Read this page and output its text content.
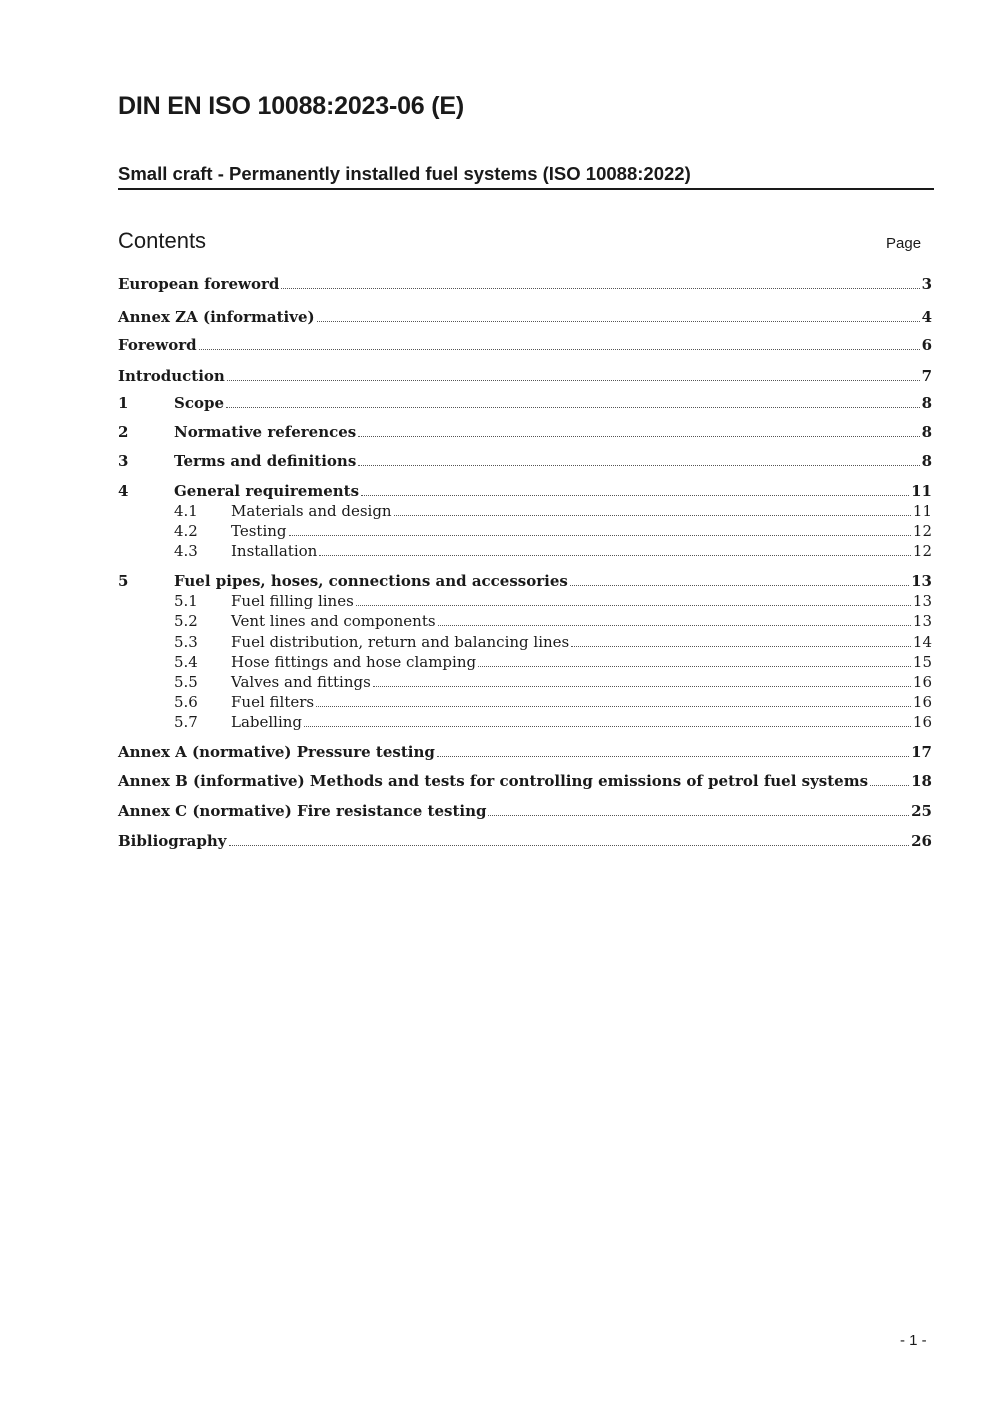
DIN EN ISO 10088:2023-06 (E)
Small craft - Permanently installed fuel systems (ISO 10088:2022)
Contents	Page
European foreword	3
Annex ZA (informative)	4
Foreword	6
Introduction	7
1	Scope	8
2	Normative references	8
3	Terms and definitions	8
4	General requirements	11
4.1	Materials and design	11
4.2	Testing	12
4.3	Installation	12
5	Fuel pipes, hoses, connections and accessories	13
5.1	Fuel filling lines	13
5.2	Vent lines and components	13
5.3	Fuel distribution, return and balancing lines	14
5.4	Hose fittings and hose clamping	15
5.5	Valves and fittings	16
5.6	Fuel filters	16
5.7	Labelling	16
Annex A (normative) Pressure testing	17
Annex B (informative) Methods and tests for controlling emissions of petrol fuel systems	18
Annex C (normative) Fire resistance testing	25
Bibliography	26
- 1 -
